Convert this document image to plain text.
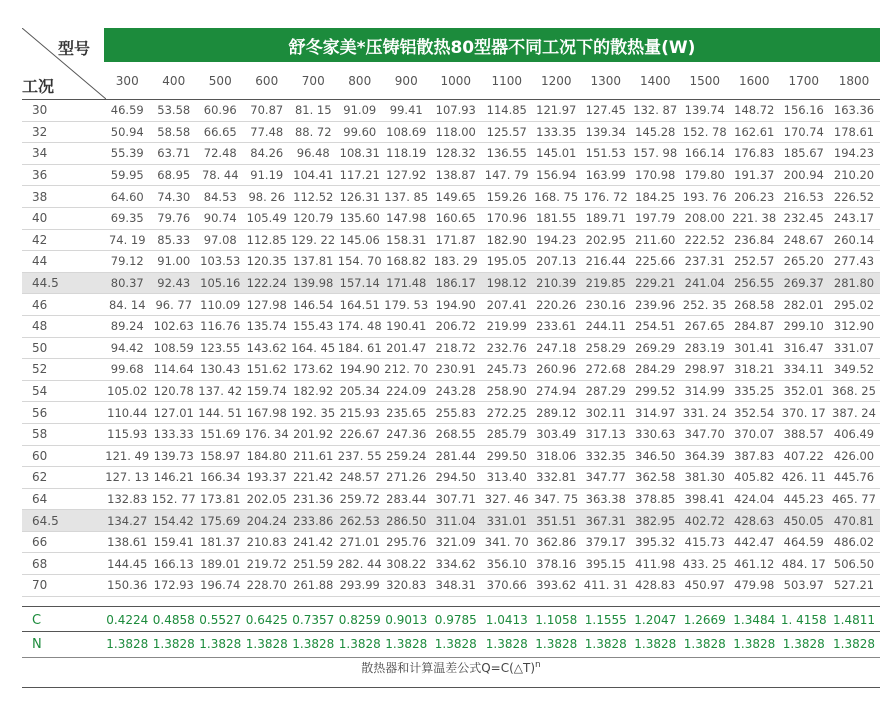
型号
工况
舒冬家美*压铸铝散热80型器不同工况下的散热量(W)
300	400	500	600	700	800	900	1000	1100	1200	1300	1400	1500	1600	1700	1800
30	46.59	53.58	60.96	70.87	81. 15	91.09	99.41	107.93 114.85 121.97 127.45 132. 87 139.74 148.72 156.16 163.36
32	50.94	58.58	66.65	77.48	88. 72	99.60 108.69 118.00 125.57 133.35 139.34 145.28 152. 78 162.61 170.74 178.61
34	55.39	63.71	72.48	84.26	96.48 108.31 118.19 128.32 136.55 145.01 151.53 157. 98 166.14 176.83 185.67 194.23
36	59.95	68.95	78. 44	91.19 104.41 117.21 127.92 138.87 147. 79 156.94 163.99 170.98 179.80 191.37 200.94 210.20
38	64.60	74.30	84.53	98. 26 112.52 126.31 137. 85 149.65 159.26 168. 75 176. 72 184.25 193. 76 206.23 216.53 226.52
40	69.35	79.76	90.74 105.49 120.79 135.60 147.98 160.65 170.96 181.55 189.71 197.79 208.00 221. 38 232.45 243.17
42	74. 19	85.33	97.08 112.85 129. 22 145.06 158.31 171.87 182.90 194.23 202.95 211.60 222.52 236.84 248.67 260.14
44	79.12	91.00 103.53 120.35 137.81 154. 70 168.82 183. 29 195.05 207.13 216.44 225.66 237.31 252.57 265.20 277.43
44.5	80.37	92.43 105.16 122.24 139.98 157.14 171.48 186.17 198.12 210.39 219.85 229.21 241.04 256.55 269.37 281.80
46	84. 14 96. 77 110.09 127.98 146.54 164.51 179. 53 194.90 207.41 220.26 230.16 239.96 252. 35 268.58 282.01 295.02
48	89.24 102.63 116.76 135.74 155.43 174. 48 190.41 206.72 219.99 233.61 244.11 254.51 267.65 284.87 299.10 312.90
50	94.42 108.59 123.55 143.62 164. 45 184. 61 201.47 218.72 232.76 247.18 258.29 269.29 283.19 301.41 316.47 331.07
52	99.68 114.64 130.43 151.62 173.62 194.90 212. 70 230.91 245.73 260.96 272.68 284.29 298.97 318.21 334.11 349.52
54	105.02 120.78 137. 42 159.74 182.92 205.34 224.09 243.28 258.90 274.94 287.29 299.52 314.99 335.25 352.01 368. 25
56	110.44 127.01 144. 51 167.98 192. 35 215.93 235.65 255.83 272.25 289.12 302.11 314.97 331. 24 352.54 370. 17 387. 24
58	115.93 133.33 151.69 176. 34 201.92 226.67 247.36 268.55 285.79 303.49 317.13 330.63 347.70 370.07 388.57 406.49
60	121. 49 139.73 158.97 184.80 211.61 237. 55 259.24 281.44 299.50 318.06 332.35 346.50 364.39 387.83 407.22 426.00
62	127. 13 146.21 166.34 193.37 221.42 248.57 271.26 294.50 313.40 332.81 347.77 362.58 381.30 405.82 426. 11 445.76
64	132.83 152. 77 173.81 202.05 231.36 259.72 283.44 307.71 327. 46 347. 75 363.38 378.85 398.41 424.04 445.23 465. 77
64.5	134.27 154.42 175.69 204.24 233.86 262.53 286.50 311.04 331.01 351.51 367.31 382.95 402.72 428.63 450.05 470.81
66	138.61 159.41 181.37 210.83 241.42 271.01 295.76 321.09 341. 70 362.86 379.17 395.32 415.73 442.47 464.59 486.02
68	144.45 166.13 189.01 219.72 251.59 282. 44 308.22 334.62 356.10 378.16 395.15 411.98 433. 25 461.12 484. 17 506.50
70	150.36 172.93 196.74 228.70 261.88 293.99 320.83 348.31 370.66 393.62 411. 31 428.83 450.97 479.98 503.97 527.21
C	0.4224 0.4858 0.5527 0.6425 0.7357 0.8259 0.9013 0.9785 1.0413 1.1058 1.1555 1.2047 1.2669 1.3484 1. 4158 1.4811
N	1.3828 1.3828 1.3828 1.3828 1.3828 1.3828 1.3828 1.3828 1.3828 1.3828 1.3828 1.3828 1.3828 1.3828 1.3828 1.3828
散热器和计算温差公式Q=C(△T)$^n$
